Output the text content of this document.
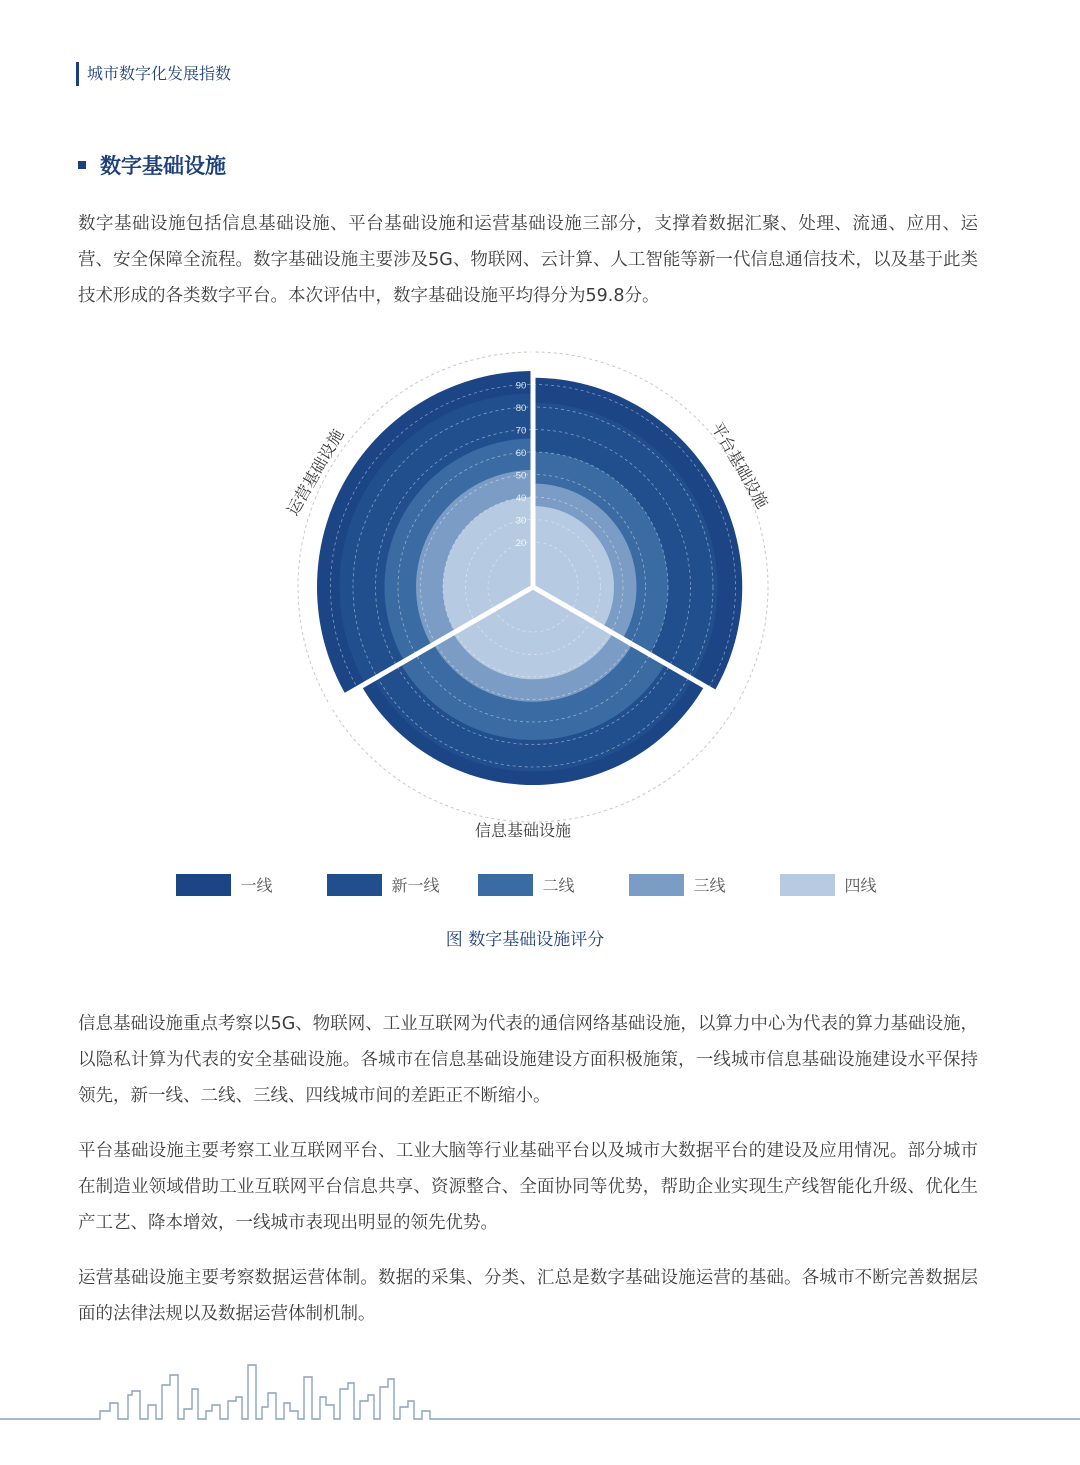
城市数字化发展指数
数字基础设施

数字基础设施包括信息基础设施、平台基础设施和运营基础设施三部分，支撑着数据汇聚、处理、流通、应用、运营、安全保障全流程。数字基础设施主要涉及5G、物联网、云计算、人工智能等新一代信息通信技术，以及基于此类技术形成的各类数字平台。本次评估中，数字基础设施平均得分为59.8分。

20
30
40
50
60
70
80
90
100
平台基础设施
信息基础设施
运营基础设施
一线	新一线	二线	三线	四线
图 数字基础设施评分

信息基础设施重点考察以5G、物联网、工业互联网为代表的通信网络基础设施，以算力中心为代表的算力基础设施，以隐私计算为代表的安全基础设施。各城市在信息基础设施建设方面积极施策，一线城市信息基础设施建设水平保持领先，新一线、二线、三线、四线城市间的差距正不断缩小。

平台基础设施主要考察工业互联网平台、工业大脑等行业基础平台以及城市大数据平台的建设及应用情况。部分城市在制造业领域借助工业互联网平台信息共享、资源整合、全面协同等优势，帮助企业实现生产线智能化升级、优化生产工艺、降本增效，一线城市表现出明显的领先优势。

运营基础设施主要考察数据运营体制。数据的采集、分类、汇总是数字基础设施运营的基础。各城市不断完善数据层面的法律法规以及数据运营体制机制。
